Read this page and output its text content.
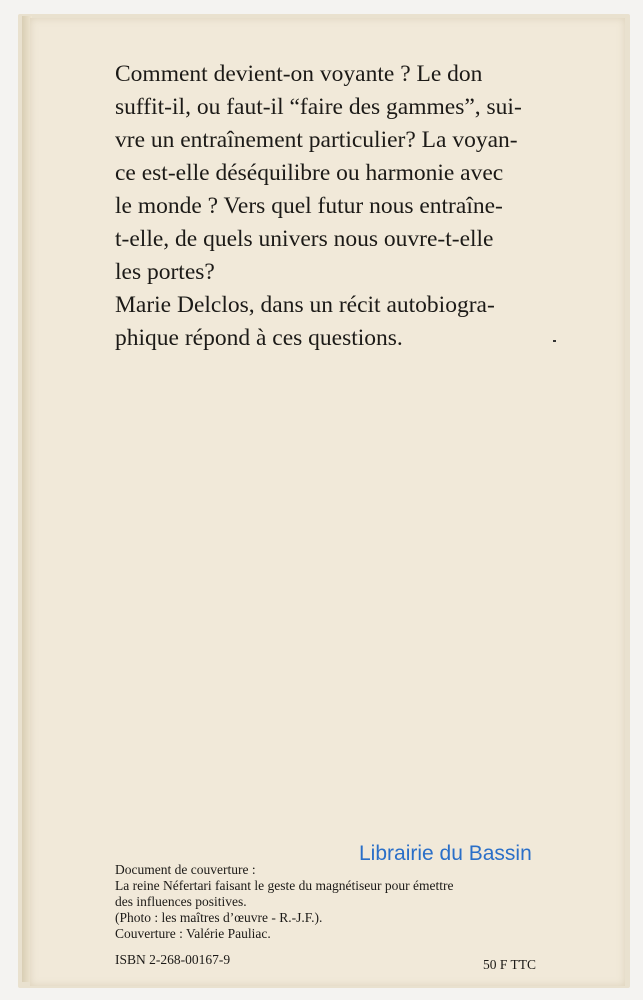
Comment devient-on voyante ? Le don
suffit-il, ou faut-il “faire des gammes”, sui-
vre un entraînement particulier? La voyan-
ce est-elle déséquilibre ou harmonie avec
le monde ? Vers quel futur nous entraîne-
t-elle, de quels univers nous ouvre-t-elle
les portes?
Marie Delclos, dans un récit autobiogra-
phique répond à ces questions.

Librairie du Bassin
Document de couverture :
La reine Néfertari faisant le geste du magnétiseur pour émettre
des influences positives.
(Photo : les maîtres d’œuvre - R.-J.F.).
Couverture : Valérie Pauliac.
ISBN 2-268-00167-9	50 F TTC
